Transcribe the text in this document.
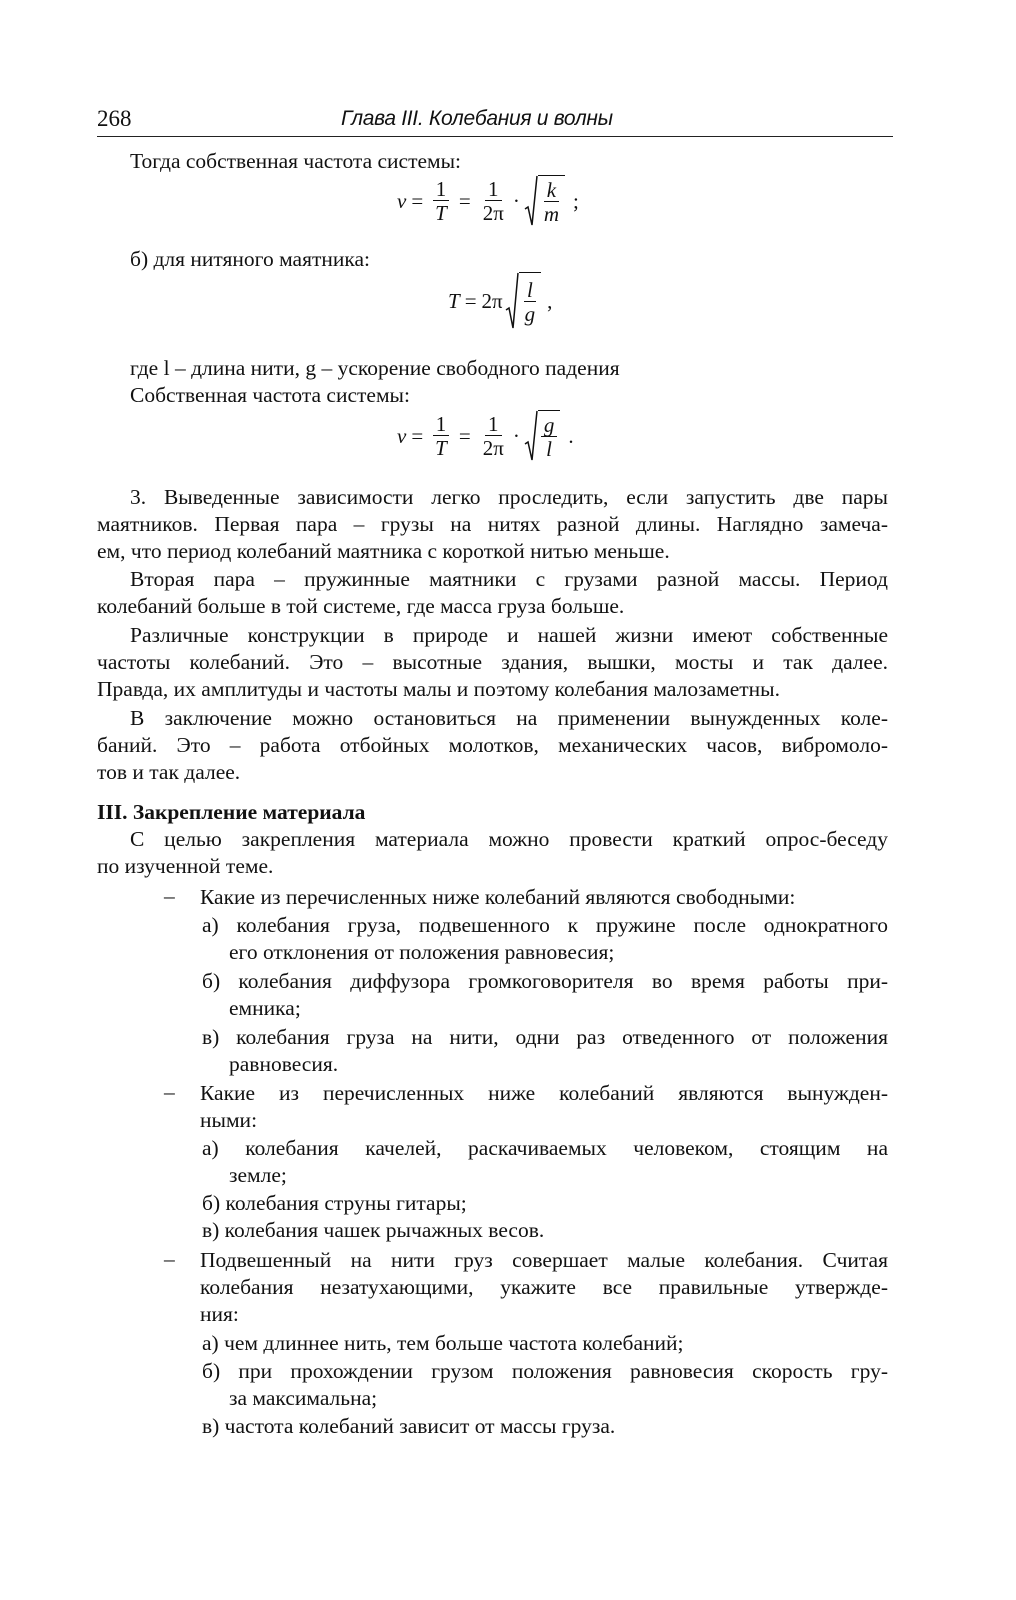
268	Глава III. Колебания и волны
Тогда собственная частота системы:
$\nu = \frac{1}{T} = \frac{1}{2\pi} \cdot \frac{k}{m}$ ;
б) для нитяного маятника:
$T = 2\pi \frac{l}{g}$ ,
где l – длина нити, g – ускорение свободного падения
Собственная частота системы:
$\nu = \frac{1}{T} = \frac{1}{2\pi} \cdot \frac{g}{l}$ .
3. Выведенные зависимости легко проследить, если запустить две пары
маятников. Первая пара – грузы на нитях разной длины. Наглядно замеча-
ем, что период колебаний маятника с короткой нитью меньше.
Вторая пара – пружинные маятники с грузами разной массы. Период
колебаний больше в той системе, где масса груза больше.
Различные конструкции в природе и нашей жизни имеют собственные
частоты колебаний. Это – высотные здания, вышки, мосты и так далее.
Правда, их амплитуды и частоты малы и поэтому колебания малозаметны.
В заключение можно остановиться на применении вынужденных коле-
баний. Это – работа отбойных молотков, механических часов, вибромоло-
тов и так далее.
III. Закрепление материала
С целью закрепления материала можно провести краткий опрос-беседу
по изученной теме.
– Какие из перечисленных ниже колебаний являются свободными:
а) колебания груза, подвешенного к пружине после однократного
его отклонения от положения равновесия;
б) колебания диффузора громкоговорителя во время работы при-
емника;
в) колебания груза на нити, одни раз отведенного от положения
равновесия.
– Какие из перечисленных ниже колебаний являются вынужден-
ными:
а) колебания качелей, раскачиваемых человеком, стоящим на
земле;
б) колебания струны гитары;
в) колебания чашек рычажных весов.
– Подвешенный на нити груз совершает малые колебания. Считая
колебания незатухающими, укажите все правильные утвержде-
ния:
а) чем длиннее нить, тем больше частота колебаний;
б) при прохождении грузом положения равновесия скорость гру-
за максимальна;
в) частота колебаний зависит от массы груза.
